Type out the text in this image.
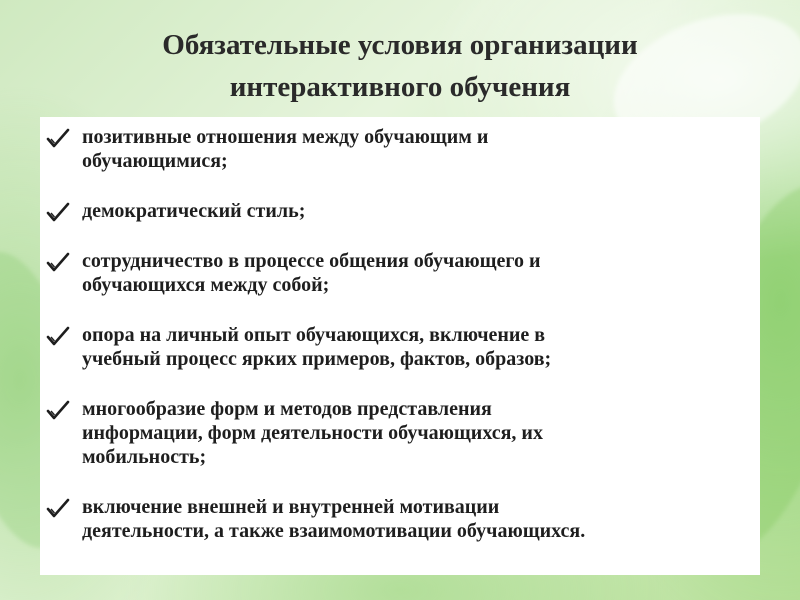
Обязательные условия организации
интерактивного обучения
позитивные отношения между обучающим и
обучающимися;
демократический стиль;
сотрудничество в процессе общения обучающего и
обучающихся между собой;
опора на личный опыт обучающихся, включение в
учебный процесс ярких примеров, фактов, образов;
многообразие форм и методов представления
информации, форм деятельности обучающихся, их
мобильность;
включение внешней и внутренней мотивации
деятельности, а также взаимомотивации обучающихся.
